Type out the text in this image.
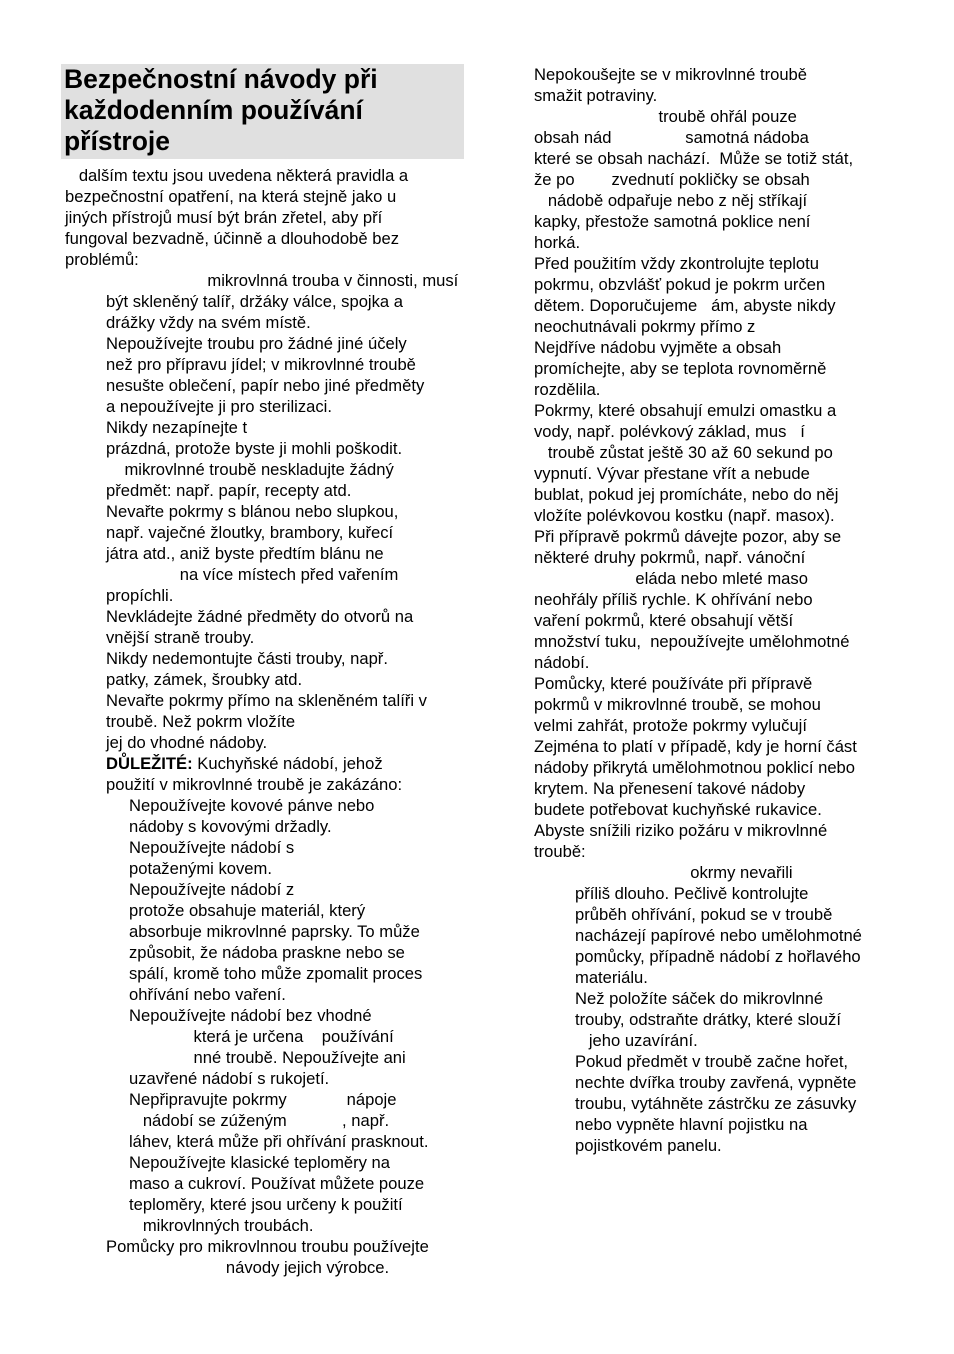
Bezpečnostní návody při
každodenním používání
přístroje
dalším textu jsou uvedena některá pravidla a
bezpečnostní opatření, na která stejně jako u
jiných přístrojů musí být brán zřetel, aby pří
fungoval bezvadně, účinně a dlouhodobě bez
problémů:
mikrovlnná trouba v činnosti, musí
být skleněný talíř, držáky válce, spojka a
drážky vždy na svém místě.
Nepoužívejte troubu pro žádné jiné účely
než pro přípravu jídel; v mikrovlnné troubě
nesušte oblečení, papír nebo jiné předměty
a nepoužívejte ji pro sterilizaci.
Nikdy nezapínejte t
prázdná, protože byste ji mohli poškodit.
mikrovlnné troubě neskladujte žádný
předmět: např. papír, recepty atd.
Nevařte pokrmy s blánou nebo slupkou,
např. vaječné žloutky, brambory, kuřecí
játra atd., aniž byste předtím blánu ne
na více místech před vařením
propíchli.
Nevkládejte žádné předměty do otvorů na
vnější straně trouby.
Nikdy nedemontujte části trouby, např.
patky, zámek, šroubky atd.
Nevařte pokrmy přímo na skleněném talíři v
troubě. Než pokrm vložíte
jej do vhodné nádoby.
DŮLEŽITÉ: Kuchyňské nádobí, jehož
použití v mikrovlnné troubě je zakázáno:
Nepoužívejte kovové pánve nebo
nádoby s kovovými držadly.
Nepoužívejte nádobí s
potaženými kovem.
Nepoužívejte nádobí z
protože obsahuje materiál, který
absorbuje mikrovlnné paprsky. To může
způsobit, že nádoba praskne nebo se
spálí, kromě toho může zpomalit proces
ohřívání nebo vaření.
Nepoužívejte nádobí bez vhodné
která je určena    používání
nné troubě. Nepoužívejte ani
uzavřené nádobí s rukojetí.
Nepřipravujte pokrmy             nápoje
nádobí se zúženým            , např.
láhev, která může při ohřívání prasknout.
Nepoužívejte klasické teploměry na
maso a cukroví. Používat můžete pouze
teploměry, které jsou určeny k použití
mikrovlnných troubách.
Pomůcky pro mikrovlnnou troubu používejte
návody jejich výrobce.
Nepokoušejte se v mikrovlnné troubě
smažit potraviny.
troubě ohřál pouze
obsah nád                samotná nádoba
které se obsah nachází.  Může se totiž stát,
že po        zvednutí pokličky se obsah
nádobě odpařuje nebo z něj stříkají
kapky, přestože samotná poklice není
horká.
Před použitím vždy zkontrolujte teplotu
pokrmu, obzvlášť pokud je pokrm určen
dětem. Doporučujeme   ám, abyste nikdy
neochutnávali pokrmy přímo z
Nejdříve nádobu vyjměte a obsah
promíchejte, aby se teplota rovnoměrně
rozdělila.
Pokrmy, které obsahují emulzi omastku a
vody, např. polévkový základ, mus   í
troubě zůstat ještě 30 až 60 sekund po
vypnutí. Vývar přestane vřít a nebude
bublat, pokud jej promícháte, nebo do něj
vložíte polévkovou kostku (např. masox).
Při přípravě pokrmů dávejte pozor, aby se
některé druhy pokrmů, např. vánoční
eláda nebo mleté maso
neohřály příliš rychle. K ohřívání nebo
vaření pokrmů, které obsahují větší
množství tuku,  nepoužívejte umělohmotné
nádobí.
Pomůcky, které používáte při přípravě
pokrmů v mikrovlnné troubě, se mohou
velmi zahřát, protože pokrmy vylučují
Zejména to platí v případě, kdy je horní část
nádoby přikrytá umělohmotnou poklicí nebo
krytem. Na přenesení takové nádoby
budete potřebovat kuchyňské rukavice.
Abyste snížili riziko požáru v mikrovlnné
troubě:
okrmy nevařili
příliš dlouho. Pečlivě kontrolujte
průběh ohřívání, pokud se v troubě
nacházejí papírové nebo umělohmotné
pomůcky, případně nádobí z hořlavého
materiálu.
Než položíte sáček do mikrovlnné
trouby, odstraňte drátky, které slouží
jeho uzavírání.
Pokud předmět v troubě začne hořet,
nechte dvířka trouby zavřená, vypněte
troubu, vytáhněte zástrčku ze zásuvky
nebo vypněte hlavní pojistku na
pojistkovém panelu.
